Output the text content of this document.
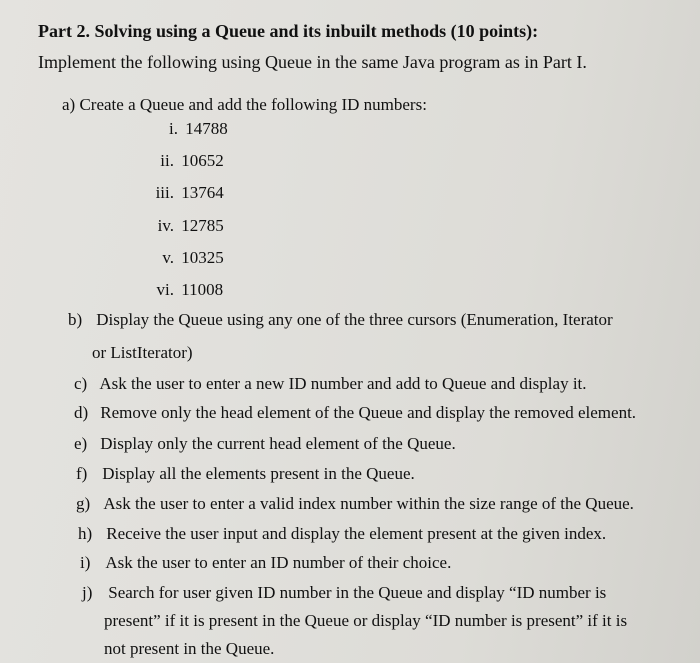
Part 2. Solving using a Queue and its inbuilt methods (10 points):
Implement the following using Queue in the same Java program as in Part I.
a) Create a Queue and add the following ID numbers:
i. 14788
ii. 10652
iii. 13764
iv. 12785
v. 10325
vi. 11008
b) Display the Queue using any one of the three cursors (Enumeration, Iterator
or ListIterator)
c) Ask the user to enter a new ID number and add to Queue and display it.
d) Remove only the head element of the Queue and display the removed element.
e) Display only the current head element of the Queue.
f) Display all the elements present in the Queue.
g) Ask the user to enter a valid index number within the size range of the Queue.
h) Receive the user input and display the element present at the given index.
i) Ask the user to enter an ID number of their choice.
j) Search for user given ID number in the Queue and display “ID number is
present” if it is present in the Queue or display “ID number is present” if it is
not present in the Queue.
